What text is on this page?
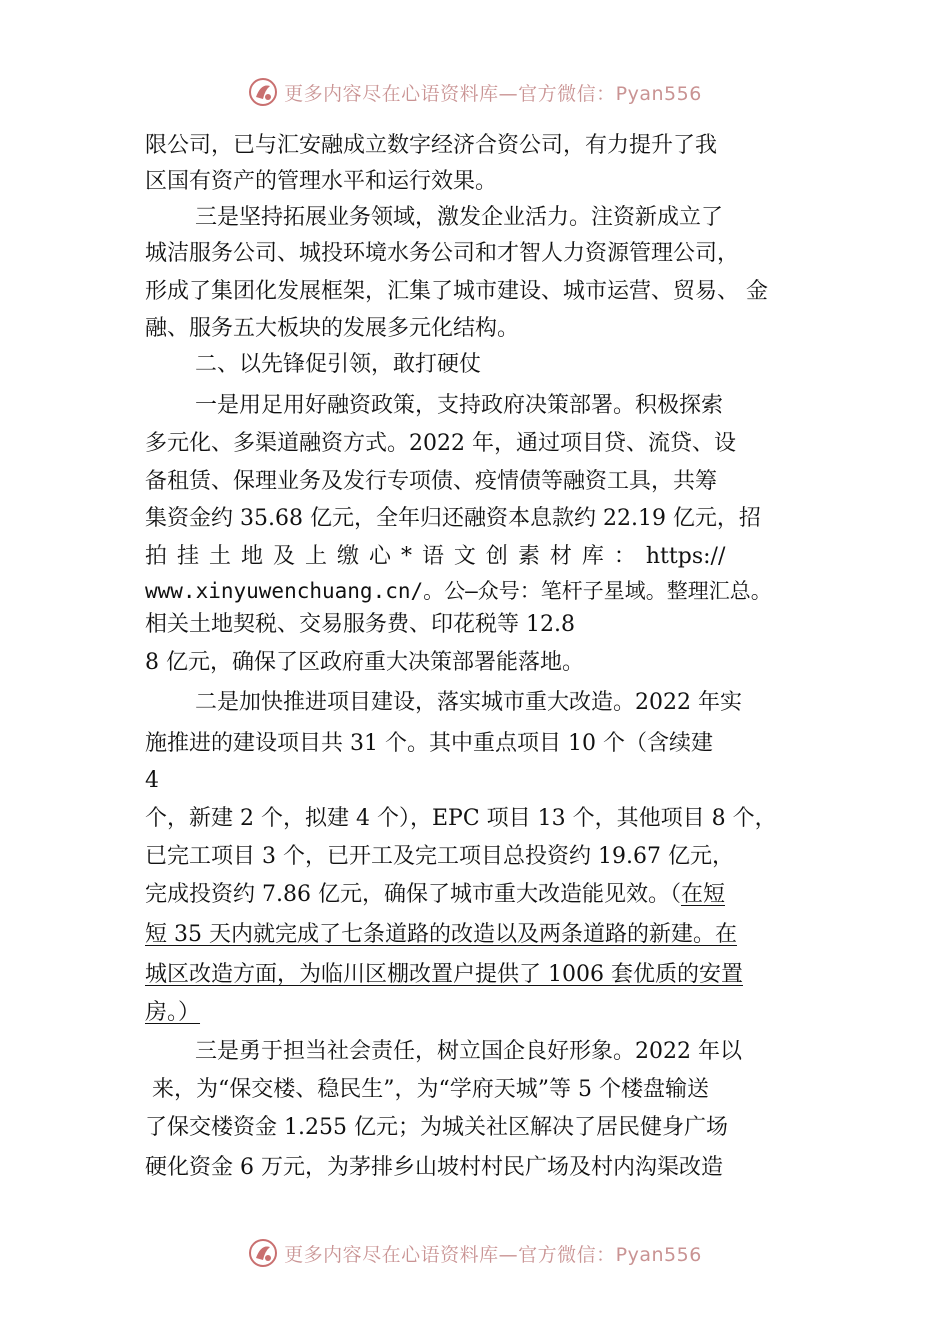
更多内容尽在心语资料库—官方微信：Pyan556
限公司，已与汇安融成立数字经济合资公司，有力提升了我
区国有资产的管理水平和运行效果。
三是坚持拓展业务领域，激发企业活力。注资新成立了
城洁服务公司、城投环境水务公司和才智人力资源管理公司，
形成了集团化发展框架，汇集了城市建设、城市运营、贸易、 金
融、服务五大板块的发展多元化结构。
二、以先锋促引领，敢打硬仗
一是用足用好融资政策，支持政府决策部署。积极探索
多元化、多渠道融资方式。2022 年，通过项目贷、流贷、设
备租赁、保理业务及发行专项债、疫情债等融资工具，共筹
集资金约 35.68 亿元，全年归还融资本息款约 22.19 亿元，招
拍 挂 土 地 及 上 缴 心 * 语 文 创 素 材 库 ： https://
www.xinyuwenchuang.cn/。公—众号：笔杆子星域。整理汇总。
相关土地契税、交易服务费、印花税等 12.8
8 亿元，确保了区政府重大决策部署能落地。
二是加快推进项目建设，落实城市重大改造。2022 年实
施推进的建设项目共 31 个。其中重点项目 10 个（含续建
4
个，新建 2 个，拟建 4 个），EPC 项目 13 个，其他项目 8 个，
已完工项目 3 个，已开工及完工项目总投资约 19.67 亿元，
完成投资约 7.86 亿元，确保了城市重大改造能见效。（在短
短 35 天内就完成了七条道路的改造以及两条道路的新建。在
城区改造方面，为临川区棚改置户提供了 1006 套优质的安置
房。）
三是勇于担当社会责任，树立国企良好形象。2022 年以
来，为“保交楼、稳民生”，为“学府天城”等 5 个楼盘输送
了保交楼资金 1.255 亿元；为城关社区解决了居民健身广场
硬化资金 6 万元，为茅排乡山坡村村民广场及村内沟渠改造
更多内容尽在心语资料库—官方微信：Pyan556
